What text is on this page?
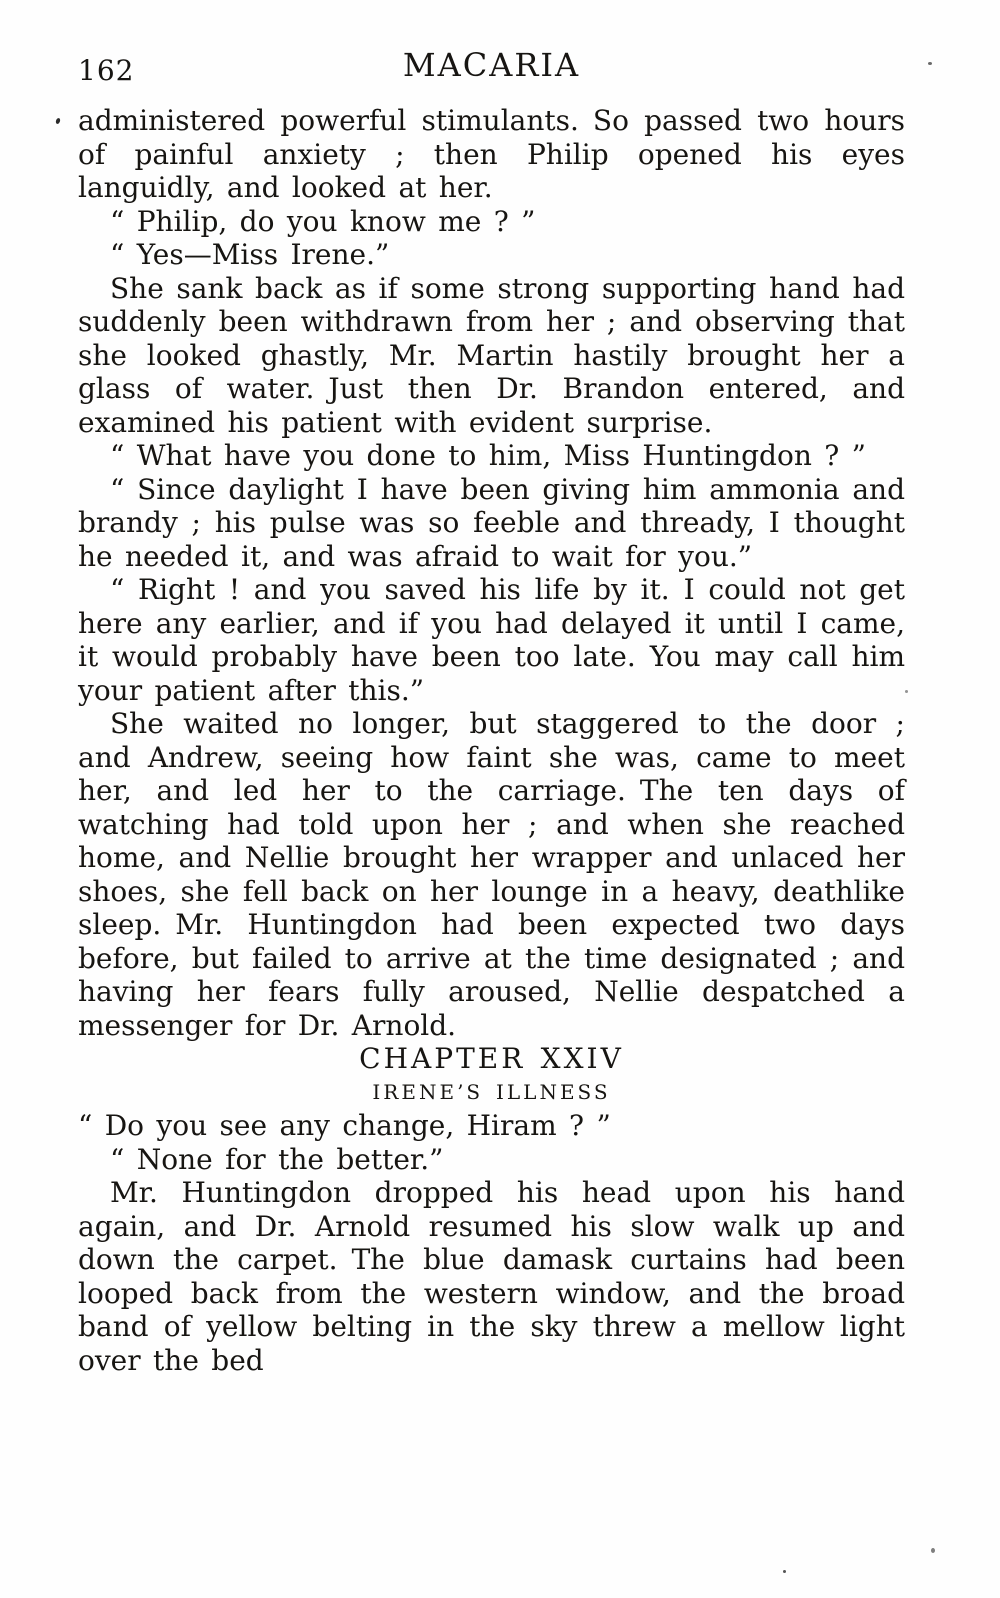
162	MACARIA

administered powerful stimulants. So passed two hours of painful anxiety ; then Philip opened his eyes languidly, and looked at her.

“ Philip, do you know me ? ”

“ Yes—Miss Irene.”

She sank back as if some strong supporting hand had suddenly been withdrawn from her ; and observing that she looked ghastly, Mr. Martin hastily brought her a glass of water. Just then Dr. Brandon entered, and examined his patient with evident surprise.

“ What have you done to him, Miss Huntingdon ? ”

“ Since daylight I have been giving him ammonia and brandy ; his pulse was so feeble and thready, I thought he needed it, and was afraid to wait for you.”

“ Right ! and you saved his life by it. I could not get here any earlier, and if you had delayed it until I came, it would probably have been too late. You may call him your patient after this.”

She waited no longer, but staggered to the door ; and Andrew, seeing how faint she was, came to meet her, and led her to the carriage. The ten days of watching had told upon her ; and when she reached home, and Nellie brought her wrapper and unlaced her shoes, she fell back on her lounge in a heavy, deathlike sleep. Mr. Huntingdon had been expected two days before, but failed to arrive at the time designated ; and having her fears fully aroused, Nellie despatched a messenger for Dr. Arnold.

CHAPTER XXIV

IRENE’S ILLNESS

“ Do you see any change, Hiram ? ”

“ None for the better.”

Mr. Huntingdon dropped his head upon his hand again, and Dr. Arnold resumed his slow walk up and down the carpet. The blue damask curtains had been looped back from the western window, and the broad band of yellow belting in the sky threw a mellow light over the bed
